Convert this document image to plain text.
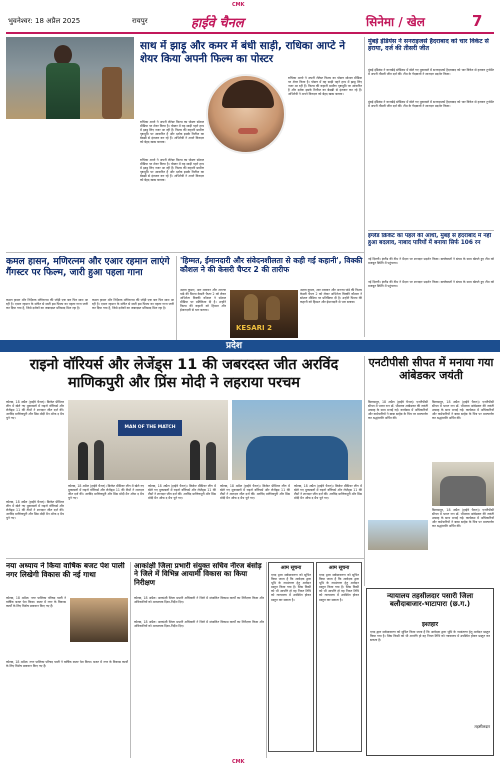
CMK
भुवनेश्वर: 18 अप्रैल 2025	रायपुर	हाईवे चैनल	सिनेमा / खेल	7
साथ में झाड़ू और कमर में बंधी साड़ी, राधिका आप्टे ने शेयर किया अपनी फिल्म का पोस्टर
राधिका आप्टे ने अपनी लेटेस्ट फिल्म का पोस्टर सोशल मीडिया पर शेयर किया है। पोस्टर में वह साड़ी पहने हाथ में झाड़ू लिए नजर आ रही हैं। फिल्म की कहानी ग्रामीण पृष्ठभूमि पर आधारित है और दर्शक इसके रिलीज का बेसब्री से इंतजार कर रहे हैं। अभिनेत्री ने अपने किरदार को बेहद खास बताया।
राधिका आप्टे ने अपनी लेटेस्ट फिल्म का पोस्टर सोशल मीडिया पर शेयर किया है। पोस्टर में वह साड़ी पहने हाथ में झाड़ू लिए नजर आ रही हैं। फिल्म की कहानी ग्रामीण पृष्ठभूमि पर आधारित है और दर्शक इसके रिलीज का बेसब्री से इंतजार कर रहे हैं। अभिनेत्री ने अपने किरदार को बेहद खास बताया।
राधिका आप्टे ने अपनी लेटेस्ट फिल्म का पोस्टर सोशल मीडिया पर शेयर किया है। पोस्टर में वह साड़ी पहने हाथ में झाड़ू लिए नजर आ रही हैं। फिल्म की कहानी ग्रामीण पृष्ठभूमि पर आधारित है और दर्शक इसके रिलीज का बेसब्री से इंतजार कर रहे हैं। अभिनेत्री ने अपने किरदार को बेहद खास बताया।
मुंबई इंडियंस ने सनराइजर्स हैदराबाद को चार विकेट से हराया, दर्ज की तीसरी जीत
मुंबई इंडियंस ने वानखेड़े स्टेडियम में खेले गए मुकाबले में सनराइजर्स हैदराबाद को चार विकेट से हराकर टूर्नामेंट में अपनी तीसरी जीत दर्ज की। टीम के गेंदबाजों ने शानदार प्रदर्शन किया।
मुंबई इंडियंस ने वानखेड़े स्टेडियम में खेले गए मुकाबले में सनराइजर्स हैदराबाद को चार विकेट से हराकर टूर्नामेंट में अपनी तीसरी जीत दर्ज की। टीम के गेंदबाजों ने शानदार प्रदर्शन किया।
इंग्लैंड क्रिकेट का पहले की आंधी, मुंबई से हैदराबाद में नहीं हुआ बदलाव, नाबाद पारियों में बनाया सिर्फ 106 रन
नई दिल्ली। इंग्लैंड की टीम ने मैदान पर शानदार प्रदर्शन किया। बल्लेबाजों ने संयम के साथ खेलते हुए टीम को मजबूत स्थिति में पहुंचाया।
नई दिल्ली। इंग्लैंड की टीम ने मैदान पर शानदार प्रदर्शन किया। बल्लेबाजों ने संयम के साथ खेलते हुए टीम को मजबूत स्थिति में पहुंचाया।
कमल हासन, मणिरत्नम और एआर रहमान लाएंगे गैंगस्टर पर फिल्म, जारी हुआ पहला गाना
कमल हासन और निर्देशक मणिरत्नम की जोड़ी एक बार फिर साथ आ रही है। एआर रहमान के संगीत से सजी इस फिल्म का पहला गाना जारी कर दिया गया है, जिसे दर्शकों का जबरदस्त प्रतिसाद मिल रहा है।
कमल हासन और निर्देशक मणिरत्नम की जोड़ी एक बार फिर साथ आ रही है। एआर रहमान के संगीत से सजी इस फिल्म का पहला गाना जारी कर दिया गया है, जिसे दर्शकों का जबरदस्त प्रतिसाद मिल रहा है।
'हिम्मत, ईमानदारी और संवेदनशीलता से कही गई कहानी', विक्की कौशल ने की केसरी चैप्टर 2 की तारीफ
अक्षय कुमार, आर माधवन और अनन्या पांडे की फिल्म केसरी चैप्टर 2 को लेकर अभिनेता विक्की कौशल ने सोशल मीडिया पर प्रतिक्रिया दी है। उन्होंने फिल्म की कहानी को हिम्मत और ईमानदारी से भरा बताया।
KESARI 2
अक्षय कुमार, आर माधवन और अनन्या पांडे की फिल्म केसरी चैप्टर 2 को लेकर अभिनेता विक्की कौशल ने सोशल मीडिया पर प्रतिक्रिया दी है। उन्होंने फिल्म की कहानी को हिम्मत और ईमानदारी से भरा बताया।
प्रदेश
राइनो वॉरियर्स और लेजेंड्स 11 की जबरदस्त जीत अरविंद माणिकपुरी और प्रिंस मोदी ने लहराया परचम
कोरबा, 18 अप्रैल (हाईवे चैनल)। क्रिकेट प्रीमियर लीग में खेले गए मुकाबलों में राइनो वॉरियर्स और लेजेंड्स 11 की टीमों ने शानदार जीत दर्ज की। अरविंद माणिकपुरी और प्रिंस मोदी मैन ऑफ द मैच चुने गए।
MAN OF THE MATCH
कोरबा, 18 अप्रैल (हाईवे चैनल)। क्रिकेट प्रीमियर लीग में खेले गए मुकाबलों में राइनो वॉरियर्स और लेजेंड्स 11 की टीमों ने शानदार जीत दर्ज की। अरविंद माणिकपुरी और प्रिंस मोदी मैन ऑफ द मैच चुने गए।
कोरबा, 18 अप्रैल (हाईवे चैनल)। क्रिकेट प्रीमियर लीग में खेले गए मुकाबलों में राइनो वॉरियर्स और लेजेंड्स 11 की टीमों ने शानदार जीत दर्ज की। अरविंद माणिकपुरी और प्रिंस मोदी मैन ऑफ द मैच चुने गए।
कोरबा, 18 अप्रैल (हाईवे चैनल)। क्रिकेट प्रीमियर लीग में खेले गए मुकाबलों में राइनो वॉरियर्स और लेजेंड्स 11 की टीमों ने शानदार जीत दर्ज की। अरविंद माणिकपुरी और प्रिंस मोदी मैन ऑफ द मैच चुने गए।
कोरबा, 18 अप्रैल (हाईवे चैनल)। क्रिकेट प्रीमियर लीग में खेले गए मुकाबलों में राइनो वॉरियर्स और लेजेंड्स 11 की टीमों ने शानदार जीत दर्ज की। अरविंद माणिकपुरी और प्रिंस मोदी मैन ऑफ द मैच चुने गए।
कोरबा, 18 अप्रैल (हाईवे चैनल)। क्रिकेट प्रीमियर लीग में खेले गए मुकाबलों में राइनो वॉरियर्स और लेजेंड्स 11 की टीमों ने शानदार जीत दर्ज की। अरविंद माणिकपुरी और प्रिंस मोदी मैन ऑफ द मैच चुने गए।
एनटीपीसी सीपत में मनाया गया आंबेडकर जयंती
बिलासपुर, 18 अप्रैल (हाईवे चैनल)। एनटीपीसी सीपत में भारत रत्न डॉ. भीमराव आंबेडकर की जयंती उत्साह के साथ मनाई गई। कार्यक्रम में अधिकारियों और कर्मचारियों ने बाबा साहेब के चित्र पर माल्यार्पण कर श्रद्धांजलि अर्पित की।
बिलासपुर, 18 अप्रैल (हाईवे चैनल)। एनटीपीसी सीपत में भारत रत्न डॉ. भीमराव आंबेडकर की जयंती उत्साह के साथ मनाई गई। कार्यक्रम में अधिकारियों और कर्मचारियों ने बाबा साहेब के चित्र पर माल्यार्पण कर श्रद्धांजलि अर्पित की।
बिलासपुर, 18 अप्रैल (हाईवे चैनल)। एनटीपीसी सीपत में भारत रत्न डॉ. भीमराव आंबेडकर की जयंती उत्साह के साथ मनाई गई। कार्यक्रम में अधिकारियों और कर्मचारियों ने बाबा साहेब के चित्र पर माल्यार्पण कर श्रद्धांजलि अर्पित की।
नया अध्याय ने किया वार्षिक बजट पेश पाली नगर लिखेगी विकास की नई गाथा
कोरबा, 18 अप्रैल। नगर पालिका परिषद पाली ने वार्षिक बजट पेश किया। बजट में नगर के विकास कार्यों के लिए विशेष प्रावधान किए गए हैं।
कोरबा, 18 अप्रैल। नगर पालिका परिषद पाली ने वार्षिक बजट पेश किया। बजट में नगर के विकास कार्यों के लिए विशेष प्रावधान किए गए हैं।
आकांक्षी जिला प्रभारी संयुक्त सचिव नीरज बंसोड़ ने जिले में विभिन्न आयामी विकास का किया निरीक्षण
कोरबा, 18 अप्रैल। आकांक्षी जिला प्रभारी अधिकारी ने जिले में संचालित विकास कार्यों का निरीक्षण किया और अधिकारियों को आवश्यक दिशा-निर्देश दिए।
कोरबा, 18 अप्रैल। आकांक्षी जिला प्रभारी अधिकारी ने जिले में संचालित विकास कार्यों का निरीक्षण किया और अधिकारियों को आवश्यक दिशा-निर्देश दिए।
आम सूचना
एतद द्वारा सर्वसाधारण को सूचित किया जाता है कि आवेदक द्वारा भूमि के नामांतरण हेतु आवेदन प्रस्तुत किया गया है। जिस किसी को भी आपत्ति हो वह नियत तिथि को न्यायालय में उपस्थित होकर प्रस्तुत कर सकता है।
आम सूचना
एतद द्वारा सर्वसाधारण को सूचित किया जाता है कि आवेदक द्वारा भूमि के नामांतरण हेतु आवेदन प्रस्तुत किया गया है। जिस किसी को भी आपत्ति हो वह नियत तिथि को न्यायालय में उपस्थित होकर प्रस्तुत कर सकता है।	न्यायालय तहसीलदार पसारी जिला बलौदाबाजार-भाटापारा (छ.ग.)
इश्तहार
एतद द्वारा सर्वसाधारण को सूचित किया जाता है कि आवेदक द्वारा भूमि के नामांतरण हेतु आवेदन प्रस्तुत किया गया है। जिस किसी को भी आपत्ति हो वह नियत तिथि को न्यायालय में उपस्थित होकर प्रस्तुत कर सकता है।
तहसीलदार
CMK
